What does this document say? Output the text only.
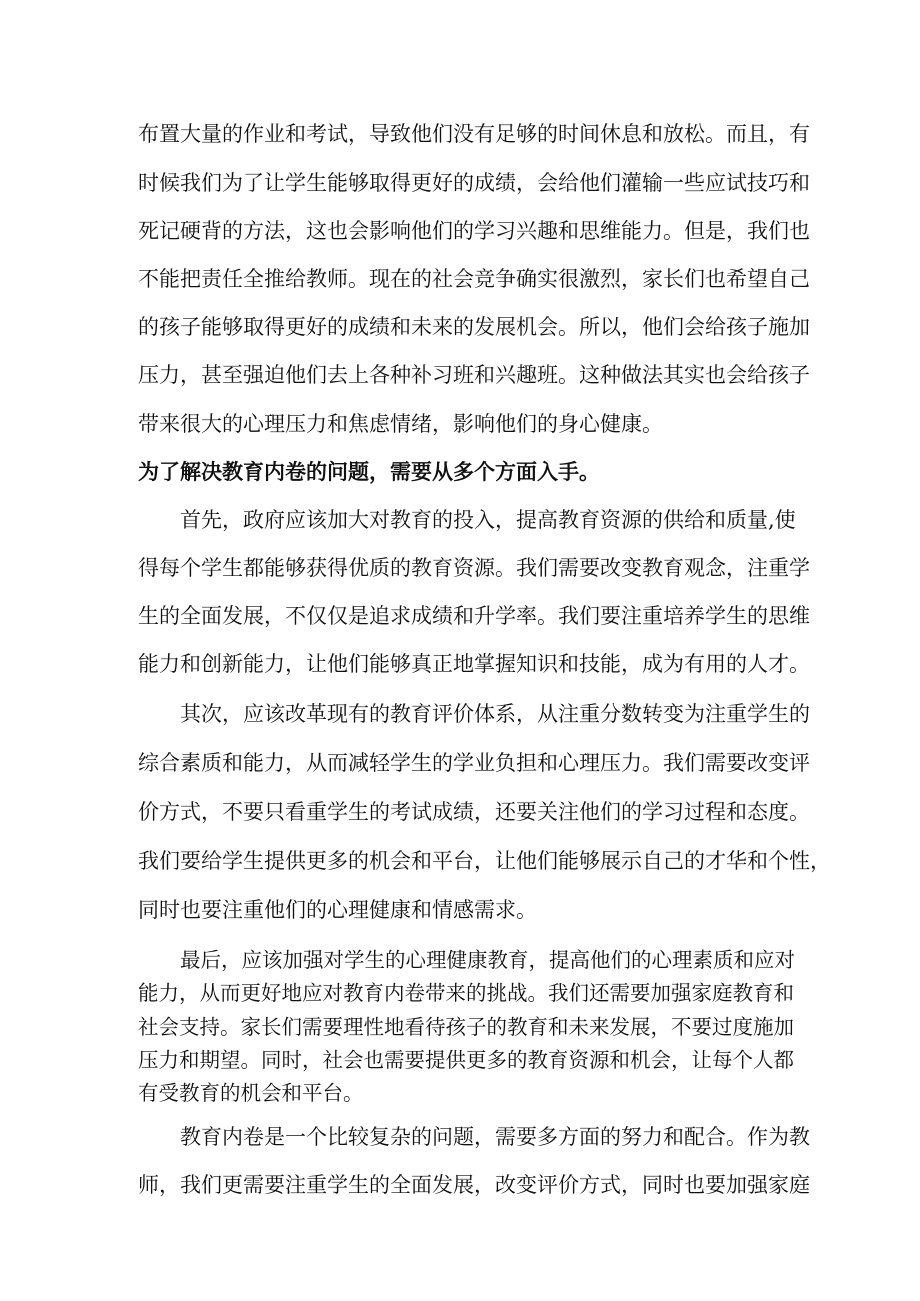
布置大量的作业和考试，导致他们没有足够的时间休息和放松。而且，有
时候我们为了让学生能够取得更好的成绩，会给他们灌输一些应试技巧和
死记硬背的方法，这也会影响他们的学习兴趣和思维能力。但是，我们也
不能把责任全推给教师。现在的社会竞争确实很激烈，家长们也希望自己
的孩子能够取得更好的成绩和未来的发展机会。所以，他们会给孩子施加
压力，甚至强迫他们去上各种补习班和兴趣班。这种做法其实也会给孩子
带来很大的心理压力和焦虑情绪，影响他们的身心健康。
为了解决教育内卷的问题，需要从多个方面入手。
首先，政府应该加大对教育的投入，提高教育资源的供给和质量,使
得每个学生都能够获得优质的教育资源。我们需要改变教育观念，注重学
生的全面发展，不仅仅是追求成绩和升学率。我们要注重培养学生的思维
能力和创新能力，让他们能够真正地掌握知识和技能，成为有用的人才。
其次，应该改革现有的教育评价体系，从注重分数转变为注重学生的
综合素质和能力，从而减轻学生的学业负担和心理压力。我们需要改变评
价方式，不要只看重学生的考试成绩，还要关注他们的学习过程和态度。
我们要给学生提供更多的机会和平台，让他们能够展示自己的才华和个性，
同时也要注重他们的心理健康和情感需求。
最后，应该加强对学生的心理健康教育，提高他们的心理素质和应对
能力，从而更好地应对教育内卷带来的挑战。我们还需要加强家庭教育和
社会支持。家长们需要理性地看待孩子的教育和未来发展，不要过度施加
压力和期望。同时，社会也需要提供更多的教育资源和机会，让每个人都
有受教育的机会和平台。
教育内卷是一个比较复杂的问题，需要多方面的努力和配合。作为教
师，我们更需要注重学生的全面发展，改变评价方式，同时也要加强家庭
